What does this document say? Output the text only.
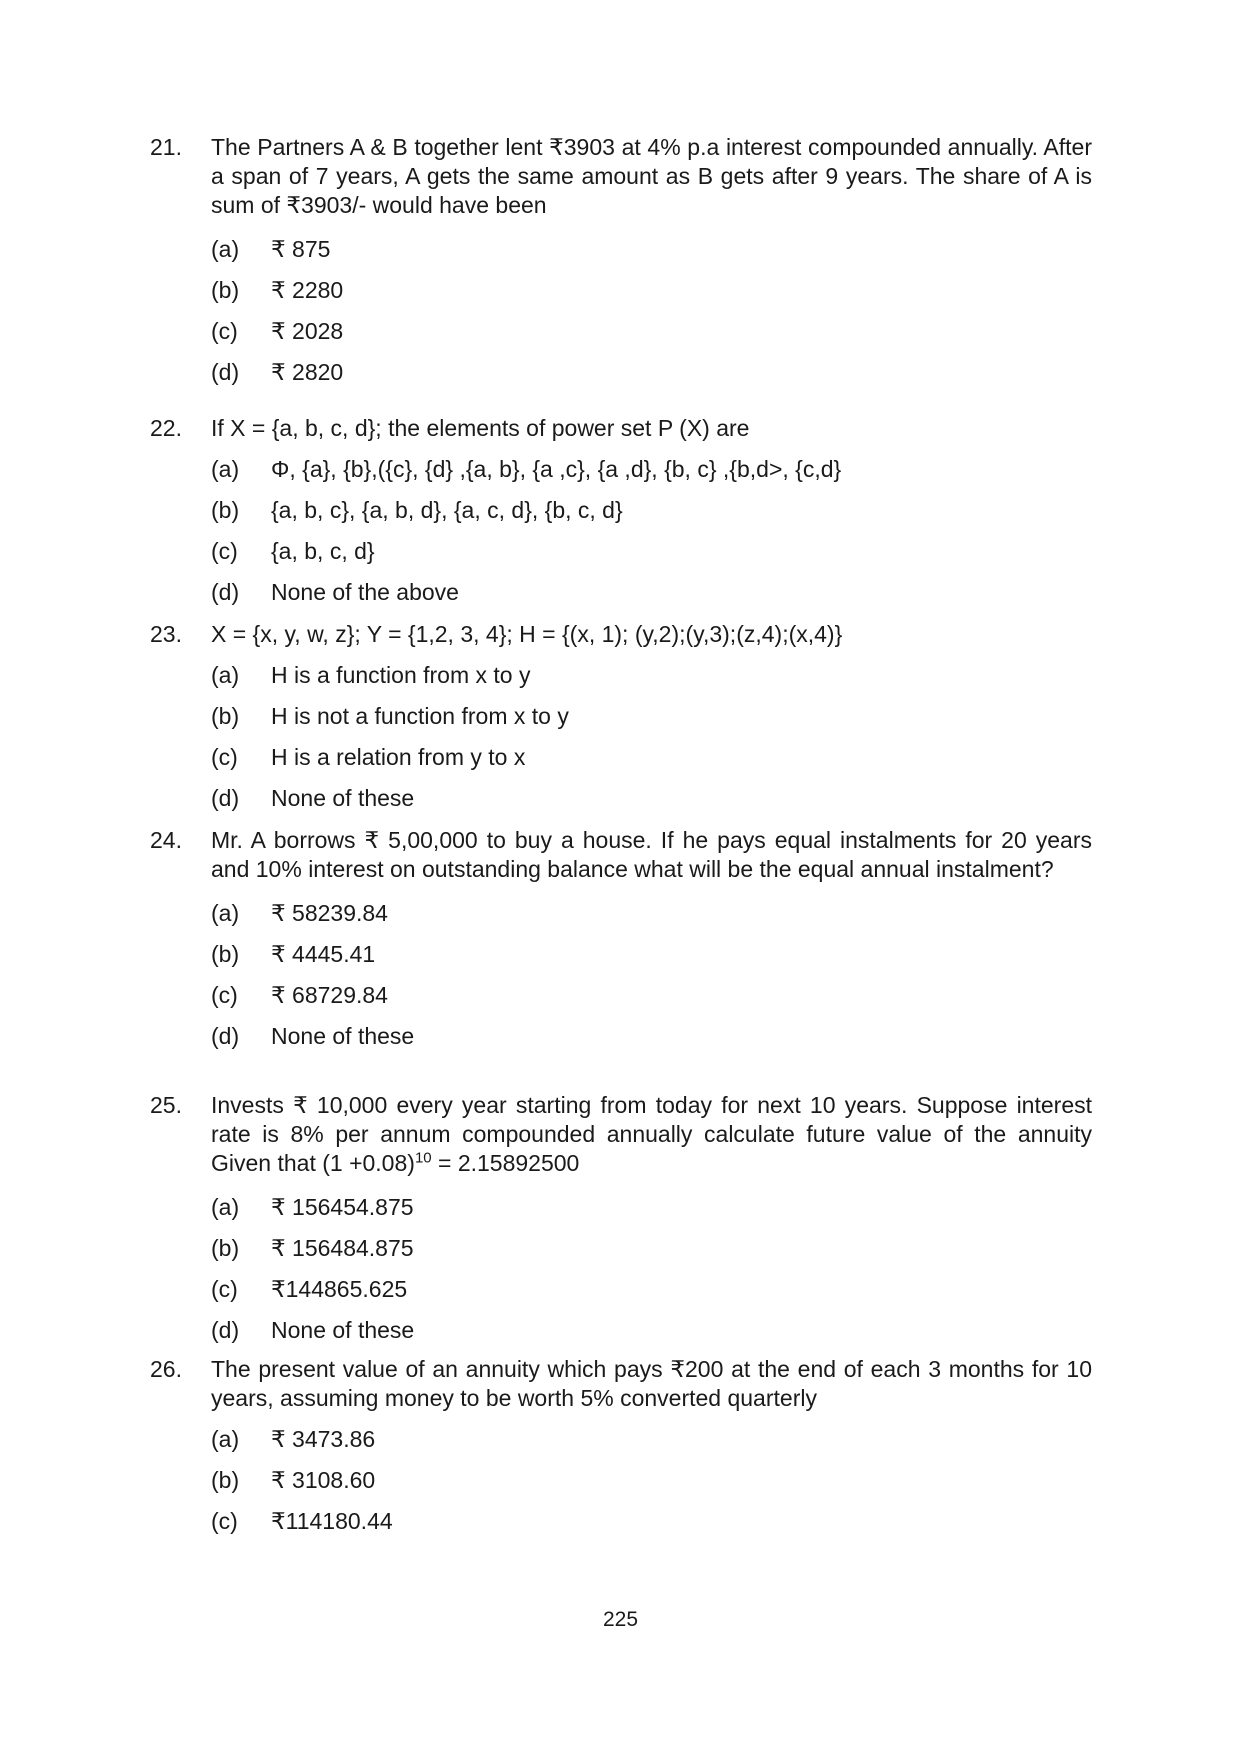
21.	The Partners A & B together lent ₹3903 at 4% p.a interest compounded annually. After a span of 7 years, A gets the same amount as B gets after 9 years. The share of A is sum of ₹3903/- would have been
(a)	₹ 875
(b)	₹ 2280
(c)	₹ 2028
(d)	₹ 2820
22.	If X = {a, b, c, d}; the elements of power set P (X) are
(a)	Φ, {a}, {b},({c}, {d} ,{a, b}, {a ,c}, {a ,d}, {b, c} ,{b,d>, {c,d}
(b)	{a, b, c}, {a, b, d}, {a, c, d}, {b, c, d}
(c)	{a, b, c, d}
(d)	None of the above
23.	X = {x, y, w, z}; Y = {1,2, 3, 4}; H = {(x, 1); (y,2);(y,3);(z,4);(x,4)}
(a)	H is a function from x to y
(b)	H is not a function from x to y
(c)	H is a relation from y to x
(d)	None of these
24.	Mr. A borrows ₹ 5,00,000 to buy a house. If he pays equal instalments for 20 years and 10% interest on outstanding balance what will be the equal annual instalment?
(a)	₹ 58239.84
(b)	₹ 4445.41
(c)	₹ 68729.84
(d)	None of these
25.	Invests ₹ 10,000 every year starting from today for next 10 years. Suppose interest rate is 8% per annum compounded annually calculate future value of the annuity Given that $(1 +0.08)^{10} = 2.15892500$
(a)	₹ 156454.875
(b)	₹ 156484.875
(c)	₹144865.625
(d)	None of these
26.	The present value of an annuity which pays ₹200 at the end of each 3 months for 10 years, assuming money to be worth 5% converted quarterly
(a)	₹ 3473.86
(b)	₹ 3108.60
(c)	₹114180.44
225
